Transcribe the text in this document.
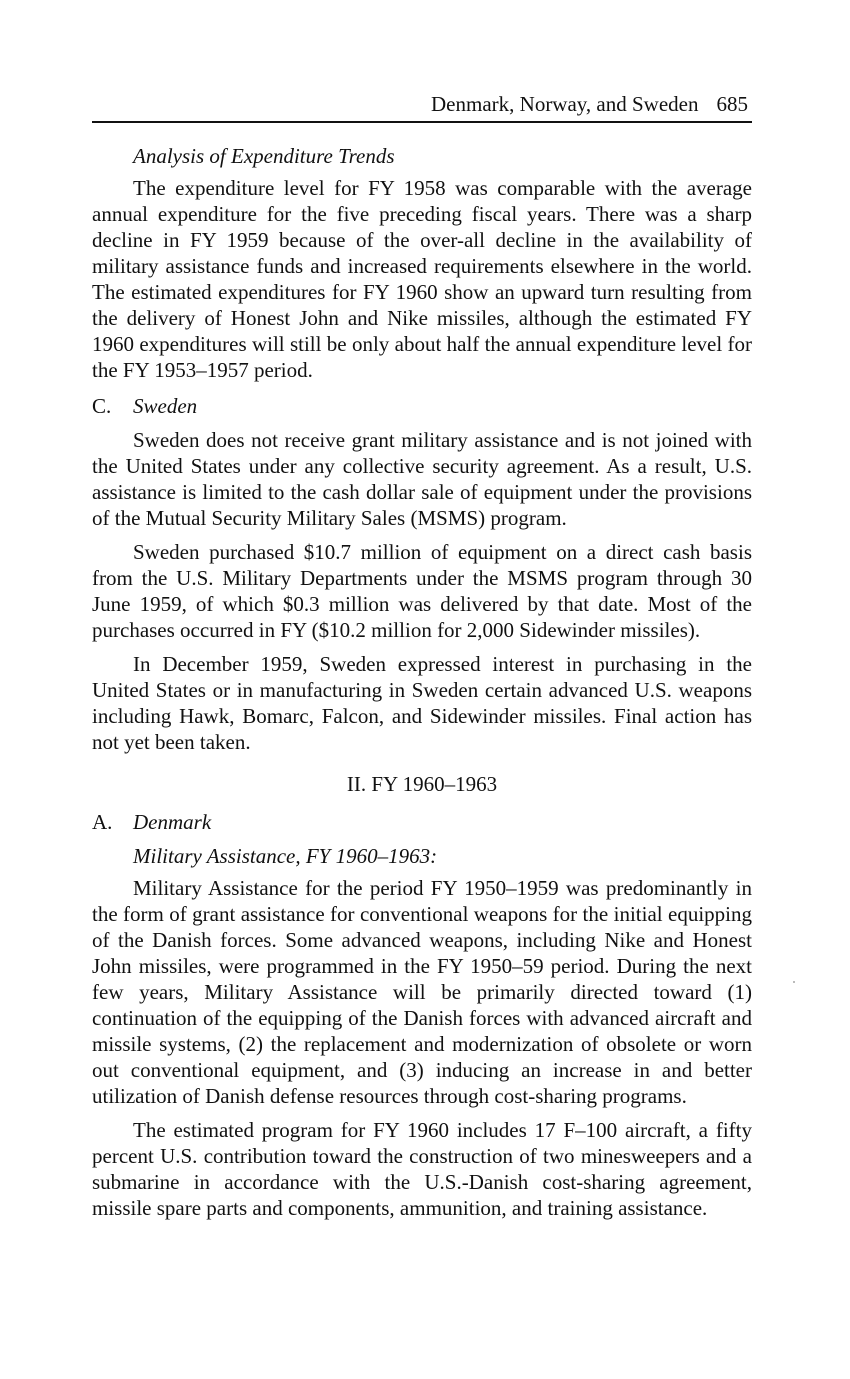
Denmark, Norway, and Sweden 685
Analysis of Expenditure Trends

The expenditure level for FY 1958 was comparable with the average annual expenditure for the five preceding fiscal years. There was a sharp decline in FY 1959 because of the over-all decline in the availability of military assistance funds and increased requirements elsewhere in the world. The estimated expenditures for FY 1960 show an upward turn resulting from the delivery of Honest John and Nike missiles, although the estimated FY 1960 expenditures will still be only about half the annual expenditure level for the FY 1953–1957 period.

C.	Sweden

Sweden does not receive grant military assistance and is not joined with the United States under any collective security agreement. As a result, U.S. assistance is limited to the cash dollar sale of equipment under the provisions of the Mutual Security Military Sales (MSMS) program.

Sweden purchased $10.7 million of equipment on a direct cash basis from the U.S. Military Departments under the MSMS program through 30 June 1959, of which $0.3 million was delivered by that date. Most of the purchases occurred in FY ($10.2 million for 2,000 Sidewinder missiles).

In December 1959, Sweden expressed interest in purchasing in the United States or in manufacturing in Sweden certain advanced U.S. weapons including Hawk, Bomarc, Falcon, and Sidewinder missiles. Final action has not yet been taken.

II. FY 1960–1963
A. Denmark
Military Assistance, FY 1960–1963:

Military Assistance for the period FY 1950–1959 was predominantly in the form of grant assistance for conventional weapons for the initial equipping of the Danish forces. Some advanced weapons, including Nike and Honest John missiles, were programmed in the FY 1950–59 period. During the next few years, Military Assistance will be primarily directed toward (1) continuation of the equipping of the Danish forces with advanced aircraft and missile systems, (2) the replacement and modernization of obsolete or worn out conventional equipment, and (3) inducing an increase in and better utilization of Danish defense resources through cost-sharing programs.

The estimated program for FY 1960 includes 17 F–100 aircraft, a fifty percent U.S. contribution toward the construction of two minesweepers and a submarine in accordance with the U.S.-Danish cost-sharing agreement, missile spare parts and components, ammunition, and training assistance.
